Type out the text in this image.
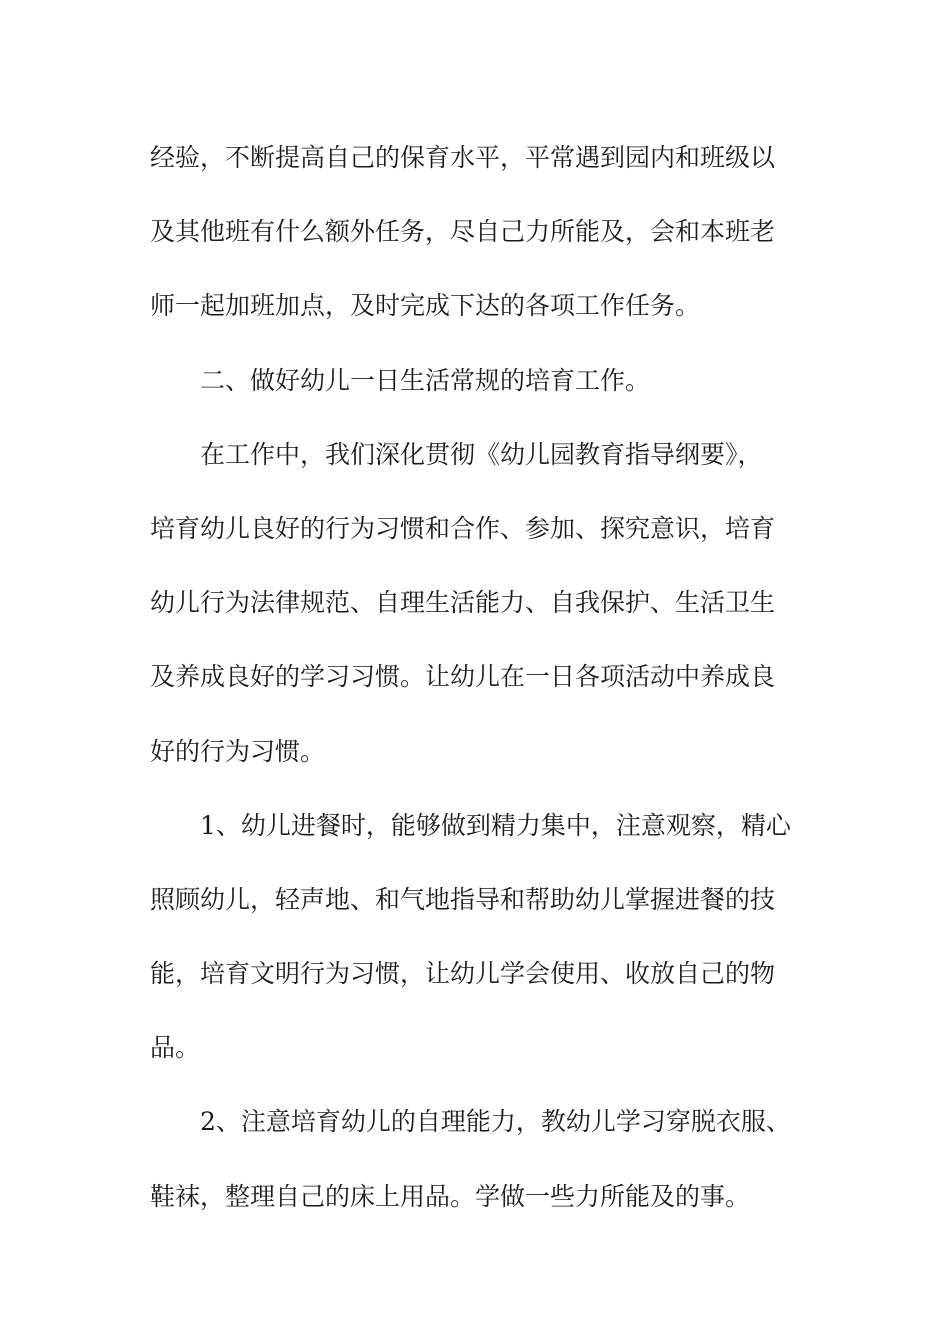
经验，不断提高自己的保育水平，平常遇到园内和班级以
及其他班有什么额外任务，尽自己力所能及，会和本班老
师一起加班加点，及时完成下达的各项工作任务。
二、做好幼儿一日生活常规的培育工作。
在工作中，我们深化贯彻《幼儿园教育指导纲要》，
培育幼儿良好的行为习惯和合作、参加、探究意识，培育
幼儿行为法律规范、自理生活能力、自我保护、生活卫生
及养成良好的学习习惯。让幼儿在一日各项活动中养成良
好的行为习惯。
1、幼儿进餐时，能够做到精力集中，注意观察，精心
照顾幼儿，轻声地、和气地指导和帮助幼儿掌握进餐的技
能，培育文明行为习惯，让幼儿学会使用、收放自己的物
品。
2、注意培育幼儿的自理能力，教幼儿学习穿脱衣服、
鞋袜，整理自己的床上用品。学做一些力所能及的事。
